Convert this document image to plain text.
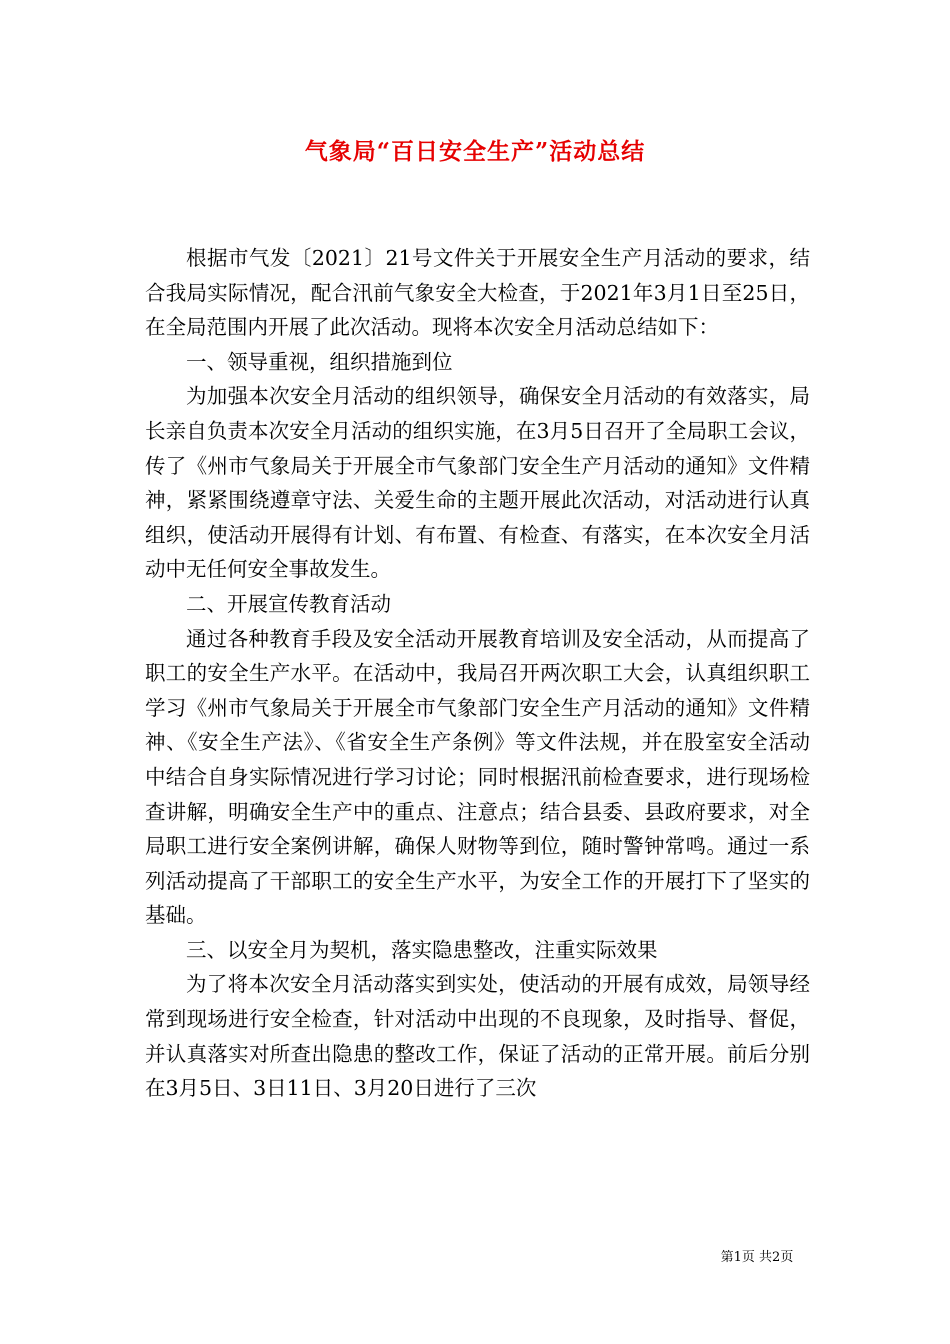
气象局“百日安全生产”活动总结

根据市气发〔2021〕21号文件关于开展安全生产月活动的要求，结合我局实际情况，配合汛前气象安全大检查，于2021年3月1日至25日，在全局范围内开展了此次活动。现将本次安全月活动总结如下：

一、领导重视，组织措施到位

为加强本次安全月活动的组织领导，确保安全月活动的有效落实，局长亲自负责本次安全月活动的组织实施，在3月5日召开了全局职工会议，传了《州市气象局关于开展全市气象部门安全生产月活动的通知》文件精神，紧紧围绕遵章守法、关爱生命的主题开展此次活动，对活动进行认真组织，使活动开展得有计划、有布置、有检查、有落实，在本次安全月活动中无任何安全事故发生。

二、开展宣传教育活动

通过各种教育手段及安全活动开展教育培训及安全活动，从而提高了职工的安全生产水平。在活动中，我局召开两次职工大会，认真组织职工学习《州市气象局关于开展全市气象部门安全生产月活动的通知》文件精神、《安全生产法》、《省安全生产条例》等文件法规，并在股室安全活动中结合自身实际情况进行学习讨论；同时根据汛前检查要求，进行现场检查讲解，明确安全生产中的重点、注意点；结合县委、县政府要求，对全局职工进行安全案例讲解，确保人财物等到位，随时警钟常鸣。通过一系列活动提高了干部职工的安全生产水平，为安全工作的开展打下了坚实的基础。

三、以安全月为契机，落实隐患整改，注重实际效果

为了将本次安全月活动落实到实处，使活动的开展有成效，局领导经常到现场进行安全检查，针对活动中出现的不良现象，及时指导、督促，并认真落实对所查出隐患的整改工作，保证了活动的正常开展。前后分别在3月5日、3日11日、3月20日进行了三次

第1页 共2页
